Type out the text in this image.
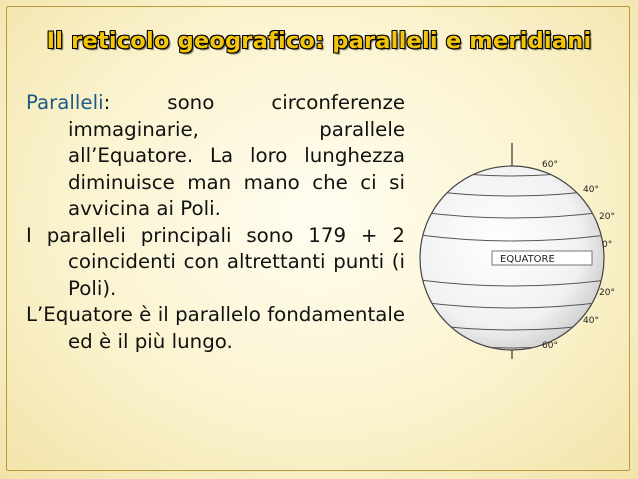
Il reticolo geografico: paralleli e meridiani

Paralleli: sono circonferenze immaginarie, parallele all’Equatore. La loro lunghezza diminuisce man mano che ci si avvicina ai Poli.

I paralleli principali sono 179 + 2 coincidenti con altrettanti punti (i Poli).

L’Equatore è il parallelo fondamentale ed è il più lungo.

EQUATORE
60°
40°
20°
0°
20°
40°
60°
